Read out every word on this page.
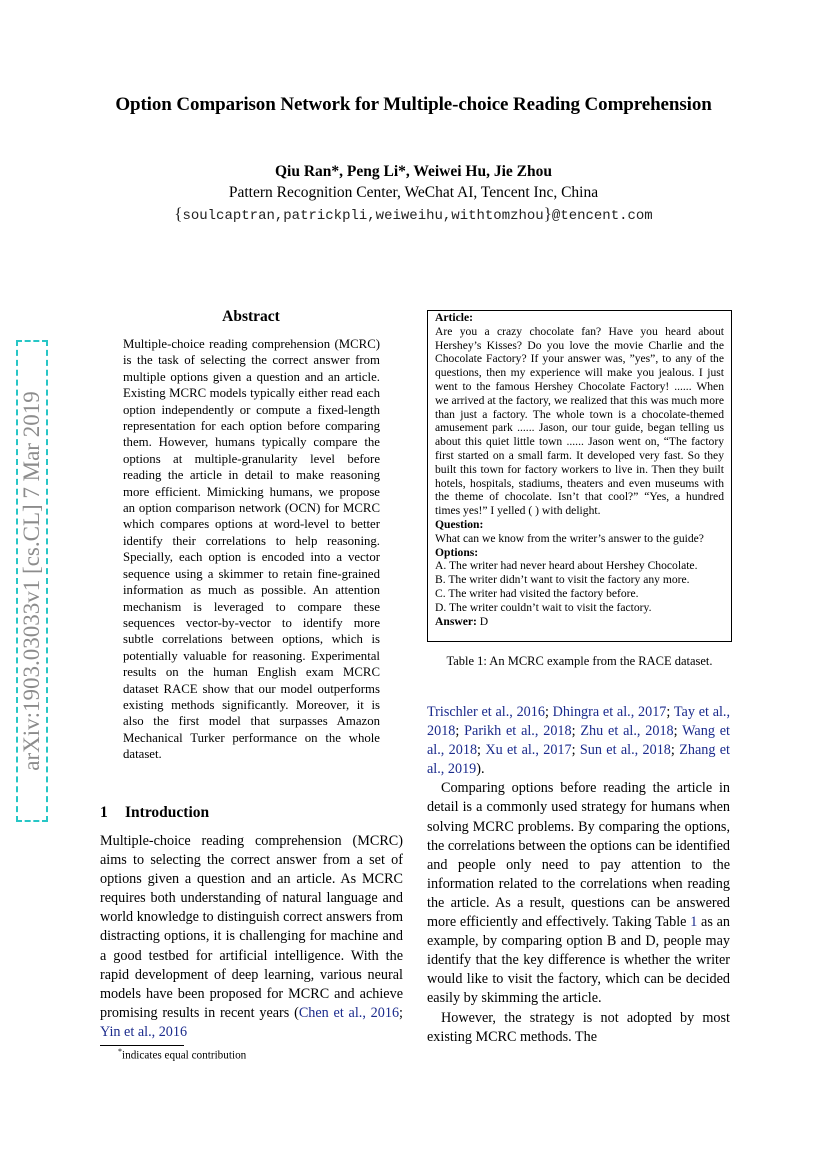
Option Comparison Network for Multiple-choice Reading Comprehension
Qiu Ran*, Peng Li*, Weiwei Hu, Jie Zhou
Pattern Recognition Center, WeChat AI, Tencent Inc, China
{soulcaptran,patrickpli,weiweihu,withtomzhou}@tencent.com
arXiv:1903.03033v1 [cs.CL] 7 Mar 2019
Abstract
Multiple-choice reading comprehension (MCRC) is the task of selecting the correct answer from multiple options given a question and an article. Existing MCRC models typically either read each option independently or compute a fixed-length representation for each option before comparing them. However, humans typically compare the options at multiple-granularity level before reading the article in detail to make reasoning more efficient. Mimicking humans, we propose an option comparison network (OCN) for MCRC which compares options at word-level to better identify their correlations to help reasoning. Specially, each option is encoded into a vector sequence using a skimmer to retain fine-grained information as much as possible. An attention mechanism is leveraged to compare these sequences vector-by-vector to identify more subtle correlations between options, which is potentially valuable for reasoning. Experimental results on the human English exam MCRC dataset RACE show that our model outperforms existing methods significantly. Moreover, it is also the first model that surpasses Amazon Mechanical Turker performance on the whole dataset.
1 Introduction
Multiple-choice reading comprehension (MCRC) aims to selecting the correct answer from a set of options given a question and an article. As MCRC requires both understanding of natural language and world knowledge to distinguish correct answers from distracting options, it is challenging for machine and a good testbed for artificial intelligence. With the rapid development of deep learning, various neural models have been proposed for MCRC and achieve promising results in recent years (Chen et al., 2016; Yin et al., 2016
*indicates equal contribution
Article:
Are you a crazy chocolate fan? Have you heard about Hershey’s Kisses? Do you love the movie Charlie and the Chocolate Factory? If your answer was, ”yes”, to any of the questions, then my experience will make you jealous. I just went to the famous Hershey Chocolate Factory! ...... When we arrived at the factory, we realized that this was much more than just a factory. The whole town is a chocolate-themed amusement park ...... Jason, our tour guide, began telling us about this quiet little town ...... Jason went on, “The factory first started on a small farm. It developed very fast. So they built this town for factory workers to live in. Then they built hotels, hospitals, stadiums, theaters and even museums with the theme of chocolate. Isn’t that cool?” “Yes, a hundred times yes!” I yelled ( ) with delight.
Question:
What can we know from the writer’s answer to the guide?
Options:
A. The writer had never heard about Hershey Chocolate.
B. The writer didn’t want to visit the factory any more.
C. The writer had visited the factory before.
D. The writer couldn’t wait to visit the factory.
Answer: D
Table 1: An MCRC example from the RACE dataset.

Trischler et al., 2016; Dhingra et al., 2017; Tay et al., 2018; Parikh et al., 2018; Zhu et al., 2018; Wang et al., 2018; Xu et al., 2017; Sun et al., 2018; Zhang et al., 2019).

Comparing options before reading the article in detail is a commonly used strategy for humans when solving MCRC problems. By comparing the options, the correlations between the options can be identified and people only need to pay attention to the information related to the correlations when reading the article. As a result, questions can be answered more efficiently and effectively. Taking Table 1 as an example, by comparing option B and D, people may identify that the key difference is whether the writer would like to visit the factory, which can be decided easily by skimming the article.

However, the strategy is not adopted by most existing MCRC methods. The
